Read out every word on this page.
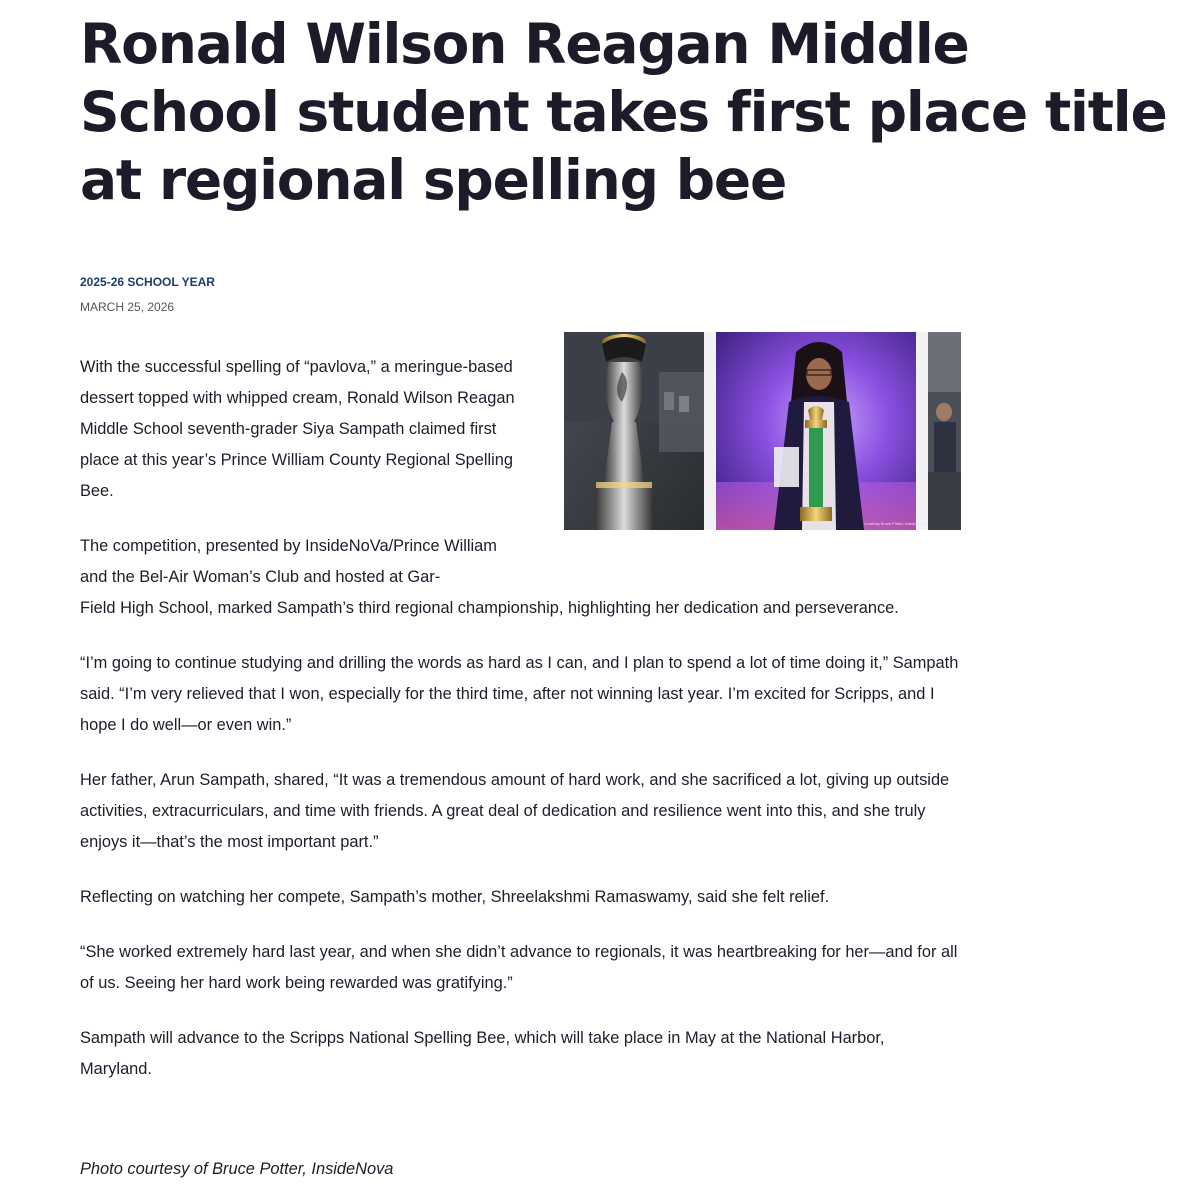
Ronald Wilson Reagan Middle School student takes first place title at regional spelling bee
2025-26 SCHOOL YEAR
MARCH 25, 2026
Courtesy Bruce Potter, InsideNova

With the successful spelling of “pavlova,” a meringue-based dessert topped with whipped cream, Ronald Wilson Reagan Middle School seventh-grader Siya Sampath claimed first place at this year’s Prince William County Regional Spelling Bee.

The competition, presented by InsideNoVa/Prince William and the Bel-Air Woman’s Club and hosted at Gar-
Field High School, marked Sampath’s third regional championship, highlighting her dedication and perseverance.

“I’m going to continue studying and drilling the words as hard as I can, and I plan to spend a lot of time doing it,” Sampath said. “I’m very relieved that I won, especially for the third time, after not winning last year. I’m excited for Scripps, and I hope I do well—or even win.”

Her father, Arun Sampath, shared, “It was a tremendous amount of hard work, and she sacrificed a lot, giving up outside activities, extracurriculars, and time with friends. A great deal of dedication and resilience went into this, and she truly enjoys it—that’s the most important part.”

Reflecting on watching her compete, Sampath’s mother, Shreelakshmi Ramaswamy, said she felt relief.

“She worked extremely hard last year, and when she didn’t advance to regionals, it was heartbreaking for her—and for all of us. Seeing her hard work being rewarded was gratifying.”

Sampath will advance to the Scripps National Spelling Bee, which will take place in May at the National Harbor, Maryland.

Photo courtesy of Bruce Potter, InsideNova
